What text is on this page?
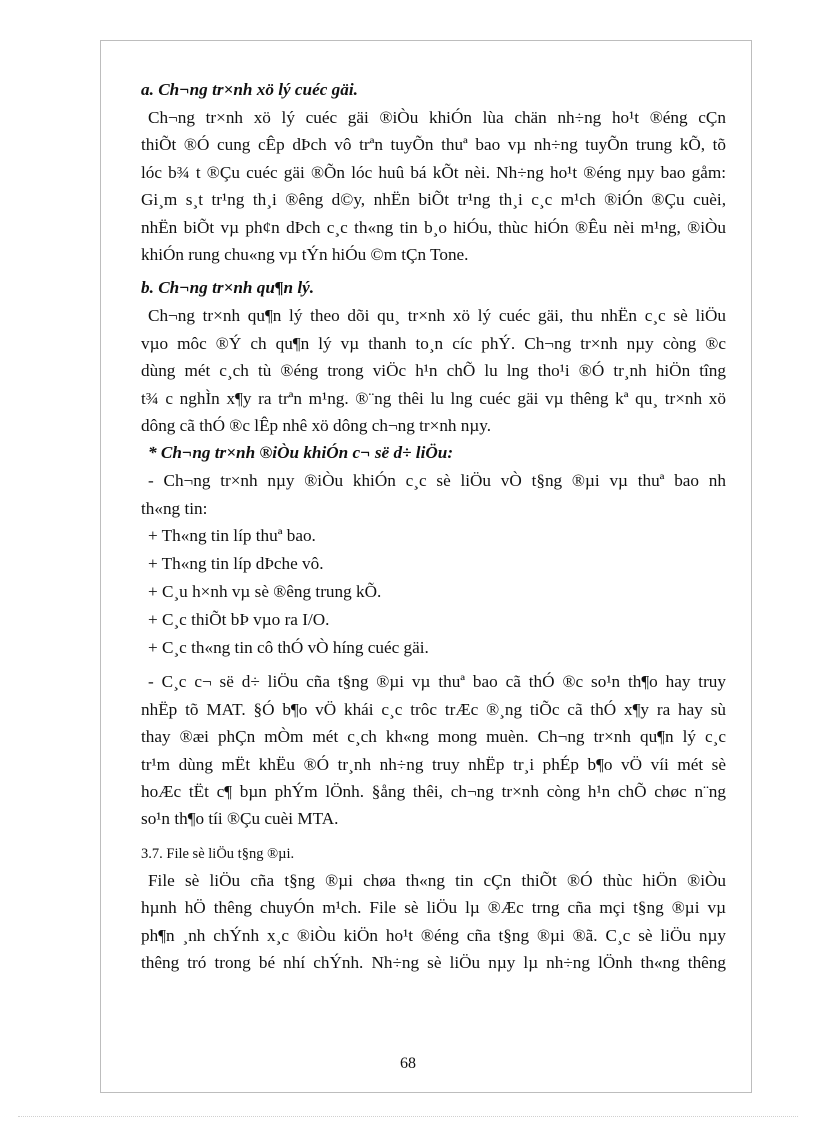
a. Ch¬ng tr×nh xö lý cuéc gäi.

Ch¬ng tr×nh xö lý cuéc gäi ®iÒu khiÓn lùa chän nh÷ng ho¹t ®éng cÇn
thiÕt ®Ó cung cÊp dÞch vô trªn tuyÕn thuª bao vµ nh÷ng tuyÕn trung kÕ, tõ
lóc b¾ t ®Çu cuéc gäi ®Õn lóc huû bá kÕt nèi. Nh÷ng ho¹t ®éng nµy bao gåm:
Gi¸m s¸t tr¹ng th¸i ®êng d©y, nhËn biÕt tr¹ng th¸i c¸c m¹ch ®iÓn ®Çu cuèi,
nhËn biÕt vµ ph¢n dÞch c¸c th«ng tin b¸o hiÓu, thùc hiÓn ®Êu nèi m¹ng, ®iÒu
khiÓn rung chu«ng vµ tÝn hiÓu ©m tÇn Tone.

b. Ch¬ng tr×nh qu¶n lý.

Ch¬ng tr×nh qu¶n lý theo dõi qu¸ tr×nh xö lý cuéc gäi, thu nhËn c¸c sè liÖu
vµo môc ®Ý ch qu¶n lý vµ thanh to¸n cíc phÝ. Ch¬ng tr×nh nµy còng ®c
dùng mét c¸ch tù ®éng trong viÖc h¹n chÕ lu lng tho¹i ®Ó tr¸nh hiÖn tîng
t¾ c nghÌn x¶y ra trªn m¹ng. ®¨ng thêi lu lng cuéc gäi vµ thêng kª qu¸ tr×nh xö
dông cã thÓ ®c lÊp nhê xö dông ch¬ng tr×nh nµy.

* Ch¬ng tr×nh ®iÒu khiÓn c¬ së d÷ liÖu:

- Ch¬ng tr×nh nµy ®iÒu khiÓn c¸c sè liÖu vÒ t§ng ®µi vµ thuª bao nh
th«ng tin:

+ Th«ng tin líp thuª bao.

+ Th«ng tin líp dÞche vô.

+ C¸u h×nh vµ sè ®êng trung kÕ.

+ C¸c thiÕt bÞ vµo ra I/O.

+ C¸c th«ng tin cô thÓ vÒ híng cuéc gäi.

- C¸c c¬ së d÷ liÖu cña t§ng ®µi vµ thuª bao cã thÓ ®c so¹n th¶o hay truy
nhËp tõ MAT. §Ó b¶o vÖ khái c¸c trôc trÆc ®¸ng tiÕc cã thÓ x¶y ra hay sù
thay ®æi phÇn mÒm mét c¸ch kh«ng mong muèn. Ch¬ng tr×nh qu¶n lý c¸c
tr¹m dùng mËt khËu ®Ó tr¸nh nh÷ng truy nhËp tr¸i phÉp b¶o vÖ víi mét sè
hoÆc tËt c¶ bµn phÝm lÖnh. §ång thêi, ch¬ng tr×nh còng h¹n chÕ chøc n¨ng
so¹n th¶o tíi ®Çu cuèi MTA.

3.7. File sè liÖu t§ng ®µi.

File sè liÖu cña t§ng ®µi chøa th«ng tin cÇn thiÕt ®Ó thùc hiÖn ®iÒu
hµnh hÖ thêng chuyÓn m¹ch. File sè liÖu lµ ®Æc trng cña mçi t§ng ®µi vµ
ph¶n ¸nh chÝnh x¸c ®iÒu kiÖn ho¹t ®éng cña t§ng ®µi ®ã. C¸c sè liÖu nµy
thêng tró trong bé nhí chÝnh. Nh÷ng sè liÖu nµy lµ nh÷ng lÖnh th«ng thêng
68
